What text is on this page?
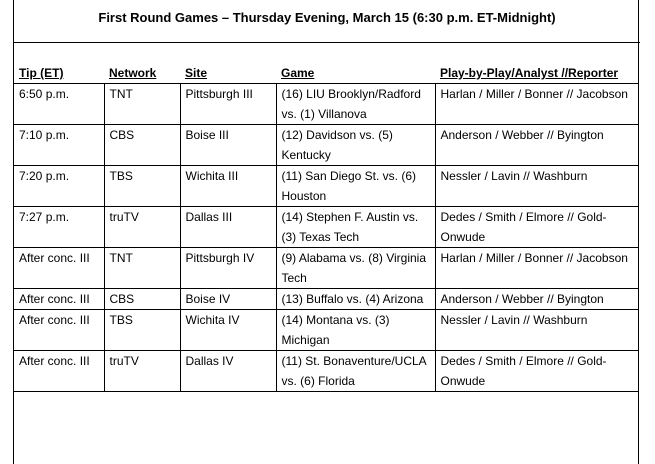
First Round Games – Thursday Evening, March 15 (6:30 p.m. ET-Midnight)
Tip (ET)	Network	Site	Game	Play-by-Play/Analyst //Reporter
6:50 p.m.	TNT	Pittsburgh III	(16) LIU Brooklyn/Radford vs. (1) Villanova	Harlan / Miller / Bonner // Jacobson
7:10 p.m.	CBS	Boise III	(12) Davidson vs. (5) Kentucky	Anderson / Webber // Byington
7:20 p.m.	TBS	Wichita III	(11) San Diego St. vs. (6) Houston	Nessler / Lavin // Washburn
7:27 p.m.	truTV	Dallas III	(14) Stephen F. Austin vs. (3) Texas Tech	Dedes / Smith / Elmore // Gold-Onwude
After conc. III	TNT	Pittsburgh IV	(9) Alabama vs. (8) Virginia Tech	Harlan / Miller / Bonner // Jacobson
After conc. III	CBS	Boise IV	(13) Buffalo vs. (4) Arizona	Anderson / Webber // Byington
After conc. III	TBS	Wichita IV	(14) Montana vs. (3) Michigan	Nessler / Lavin // Washburn
After conc. III	truTV	Dallas IV	(11) St. Bonaventure/UCLA vs. (6) Florida	Dedes / Smith / Elmore // Gold-Onwude
